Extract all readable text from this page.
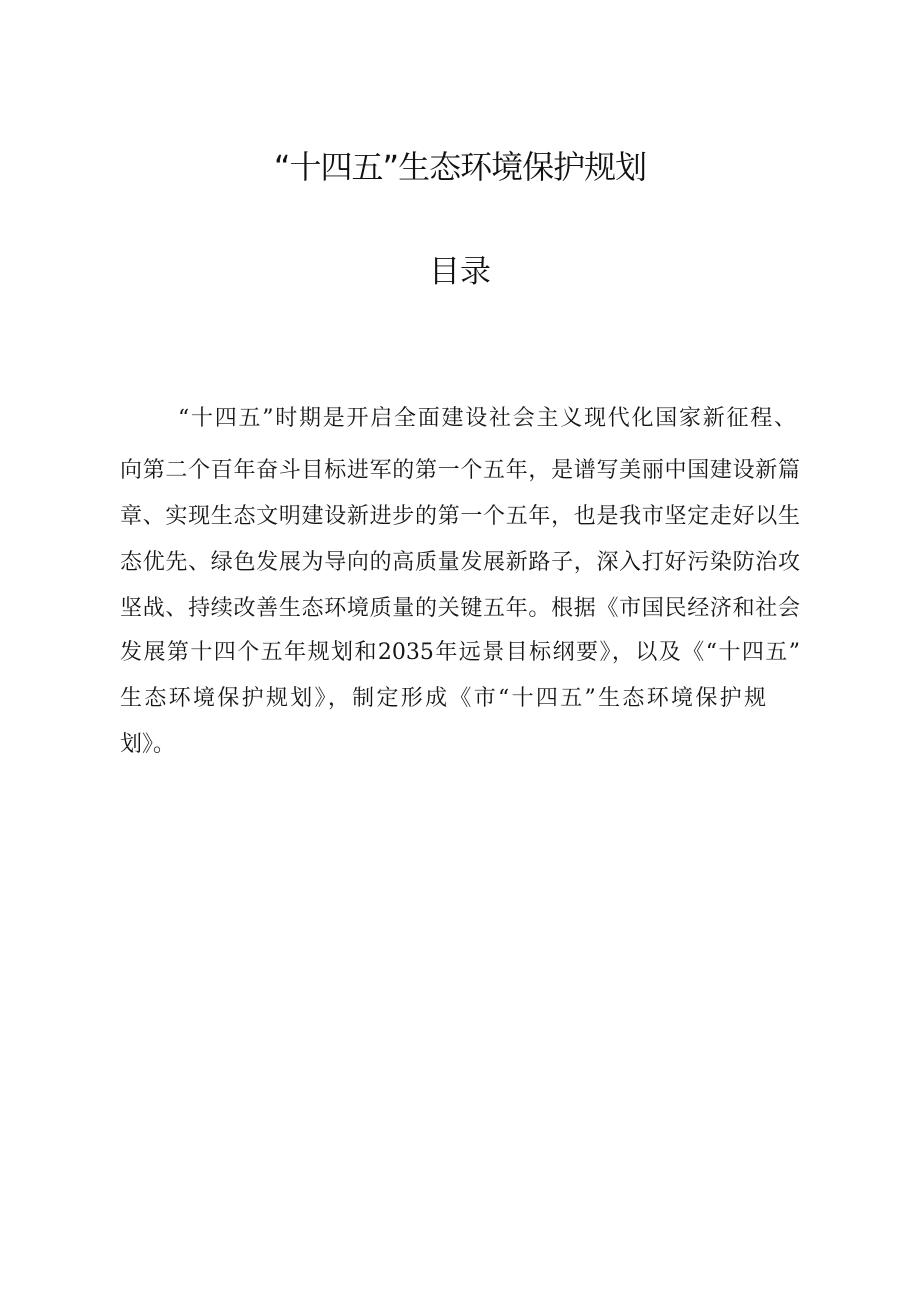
“十四五”生态环境保护规划
目录
“十四五”时期是开启全面建设社会主义现代化国家新征程、
向第二个百年奋斗目标进军的第一个五年，是谱写美丽中国建设新篇
章、实现生态文明建设新进步的第一个五年，也是我市坚定走好以生
态优先、绿色发展为导向的高质量发展新路子，深入打好污染防治攻
坚战、持续改善生态环境质量的关键五年。根据《市国民经济和社会
发展第十四个五年规划和2035年远景目标纲要》，以及《“十四五”
生态环境保护规划》，制定形成《市“十四五”生态环境保护规
划》。
